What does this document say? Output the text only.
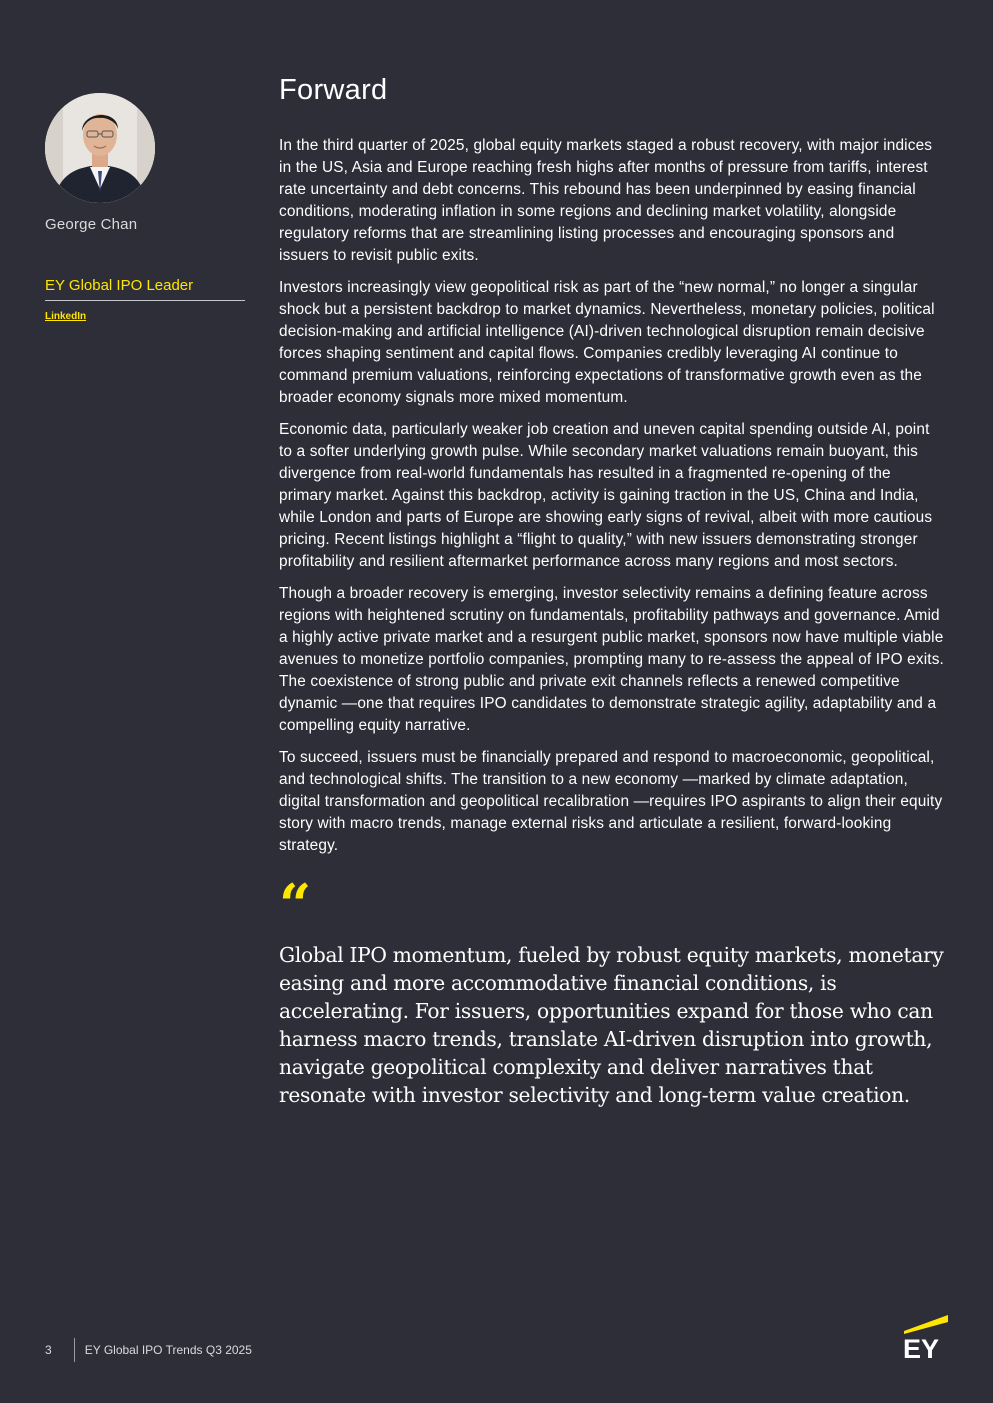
George Chan
EY Global IPO Leader
LinkedIn
Forward

In the third quarter of 2025, global equity markets staged a robust recovery, with major indices in the US, Asia and Europe reaching fresh highs after months of pressure from tariffs, interest rate uncertainty and debt concerns. This rebound has been underpinned by easing financial conditions, moderating inflation in some regions and declining market volatility, alongside regulatory reforms that are streamlining listing processes and encouraging sponsors and issuers to revisit public exits.

Investors increasingly view geopolitical risk as part of the “new normal,” no longer a singular shock but a persistent backdrop to market dynamics. Nevertheless, monetary policies, political decision-making and artificial intelligence (AI)-driven technological disruption remain decisive forces shaping sentiment and capital flows. Companies credibly leveraging AI continue to command premium valuations, reinforcing expectations of transformative growth even as the broader economy signals more mixed momentum.

Economic data, particularly weaker job creation and uneven capital spending outside AI, point to a softer underlying growth pulse. While secondary market valuations remain buoyant, this divergence from real-world fundamentals has resulted in a fragmented re-opening of the primary market. Against this backdrop, activity is gaining traction in the US, China and India, while London and parts of Europe are showing early signs of revival, albeit with more cautious pricing. Recent listings highlight a “flight to quality,” with new issuers demonstrating stronger profitability and resilient aftermarket performance across many regions and most sectors.

Though a broader recovery is emerging, investor selectivity remains a defining feature across regions with heightened scrutiny on fundamentals, profitability pathways and governance. Amid a highly active private market and a resurgent public market, sponsors now have multiple viable avenues to monetize portfolio companies, prompting many to re-assess the appeal of IPO exits. The coexistence of strong public and private exit channels reflects a renewed competitive dynamic —one that requires IPO candidates to demonstrate strategic agility, adaptability and a compelling equity narrative.

To succeed, issuers must be financially prepared and respond to macroeconomic, geopolitical, and technological shifts. The transition to a new economy —marked by climate adaptation, digital transformation and geopolitical recalibration —requires IPO aspirants to align their equity story with macro trends, manage external risks and articulate a resilient, forward-looking strategy.

“
Global IPO momentum, fueled by robust equity markets, monetary easing and more accommodative financial conditions, is accelerating. For issuers, opportunities expand for those who can harness macro trends, translate AI-driven disruption into growth, navigate geopolitical complexity and deliver narratives that resonate with investor selectivity and long-term value creation.
3	EY Global IPO Trends Q3 2025	EY
